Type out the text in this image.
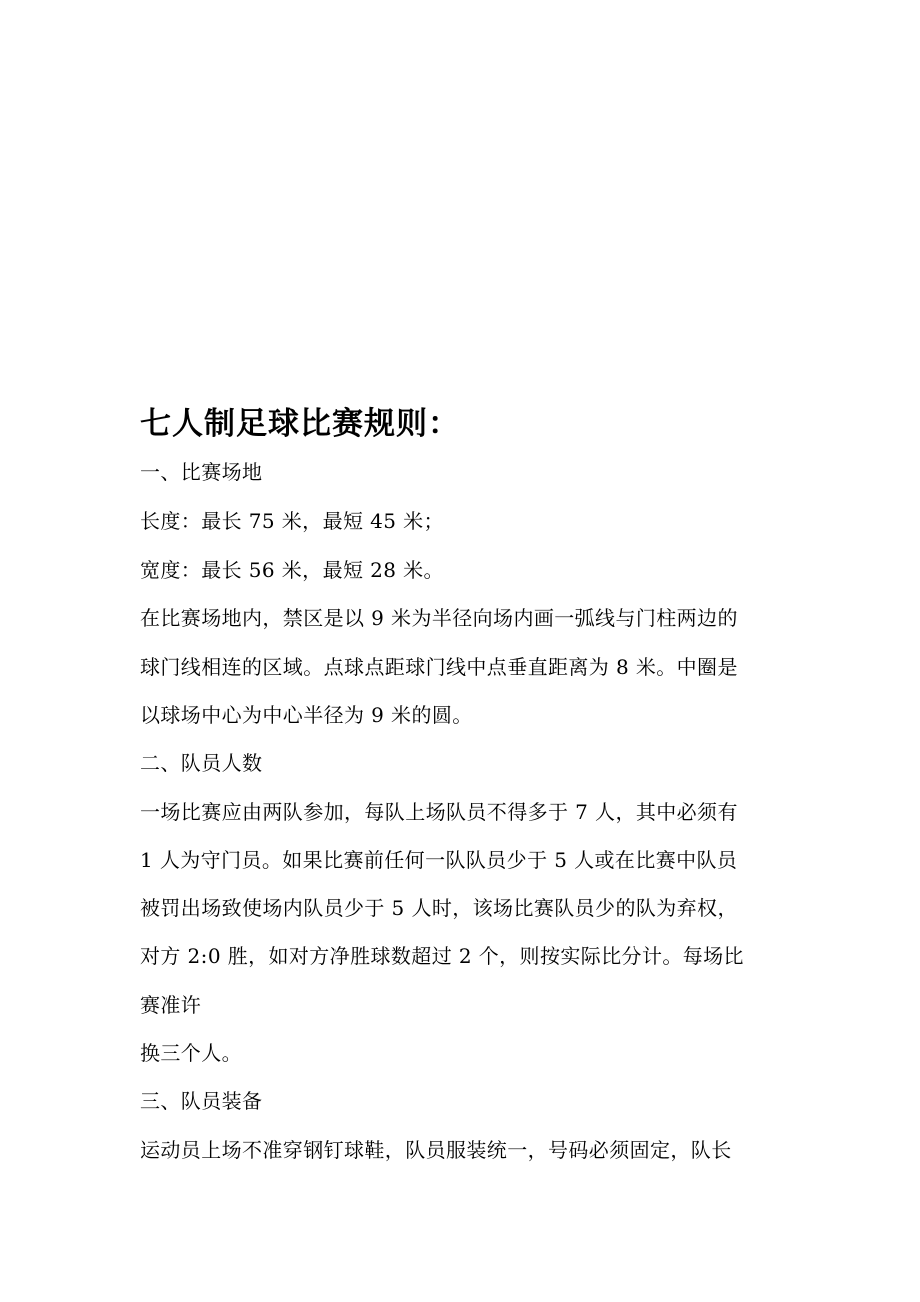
七人制足球比赛规则：
一、比赛场地
长度：最长 75 米，最短 45 米；
宽度：最长 56 米，最短 28 米。
在比赛场地内，禁区是以 9 米为半径向场内画一弧线与门柱两边的
球门线相连的区域。点球点距球门线中点垂直距离为 8 米。中圈是
以球场中心为中心半径为 9 米的圆。
二、队员人数
一场比赛应由两队参加，每队上场队员不得多于 7 人，其中必须有
1 人为守门员。如果比赛前任何一队队员少于 5 人或在比赛中队员
被罚出场致使场内队员少于 5 人时，该场比赛队员少的队为弃权，
对方 2:0 胜，如对方净胜球数超过 2 个，则按实际比分计。每场比
赛准许
换三个人。
三、队员装备
运动员上场不准穿钢钉球鞋，队员服装统一，号码必须固定，队长
